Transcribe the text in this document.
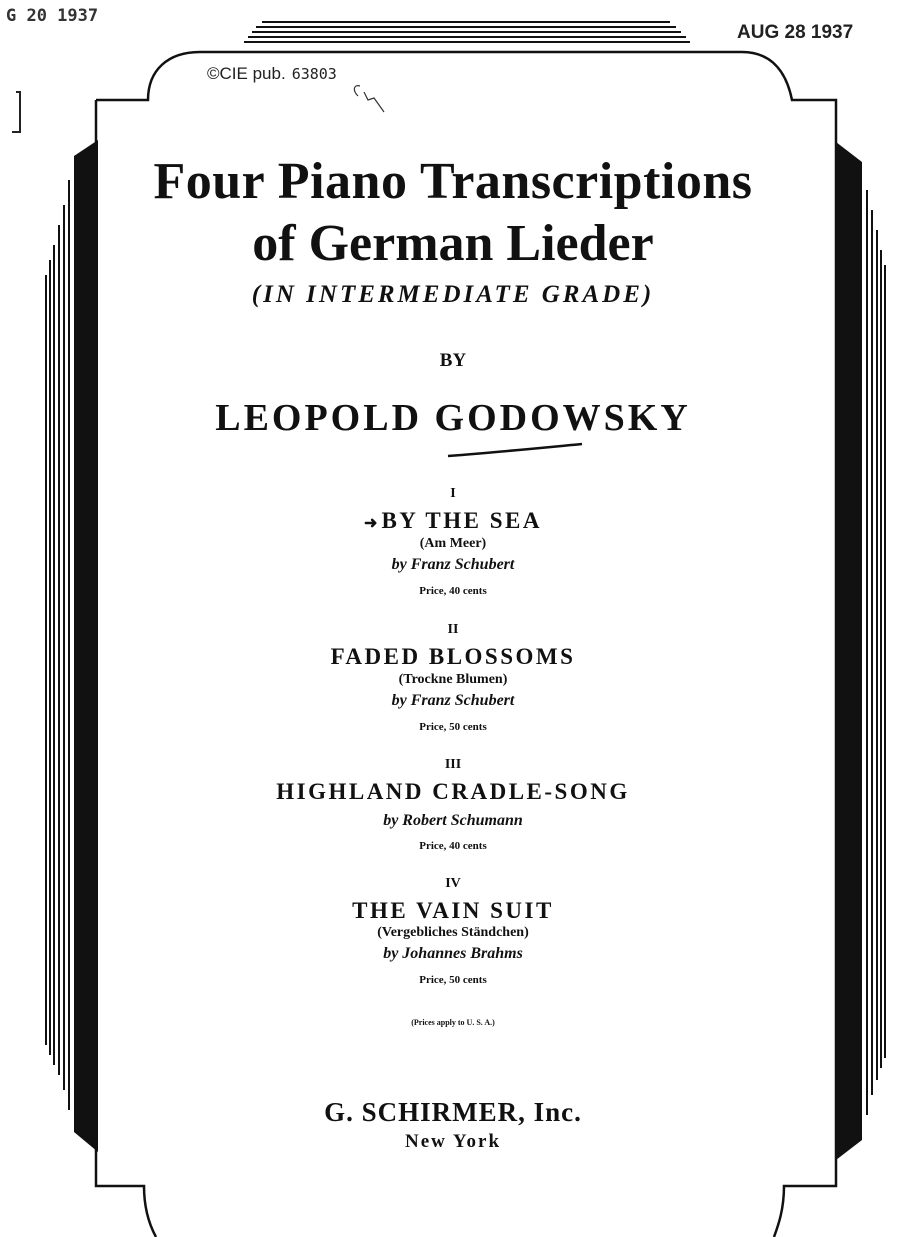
G 20 1937
AUG 28 1937
©CIE pub. 63803
Four Piano Transcriptions
of German Lieder
(IN INTERMEDIATE GRADE)
BY
LEOPOLD GODOWSKY
I
➜ BY THE SEA
(Am Meer)
by Franz Schubert
Price, 40 cents
II
FADED BLOSSOMS
(Trockne Blumen)
by Franz Schubert
Price, 50 cents
III
HIGHLAND CRADLE-SONG
by Robert Schumann
Price, 40 cents
IV
THE VAIN SUIT
(Vergebliches Ständchen)
by Johannes Brahms
Price, 50 cents
(Prices apply to U. S. A.)
G. SCHIRMER, Inc.
New York
